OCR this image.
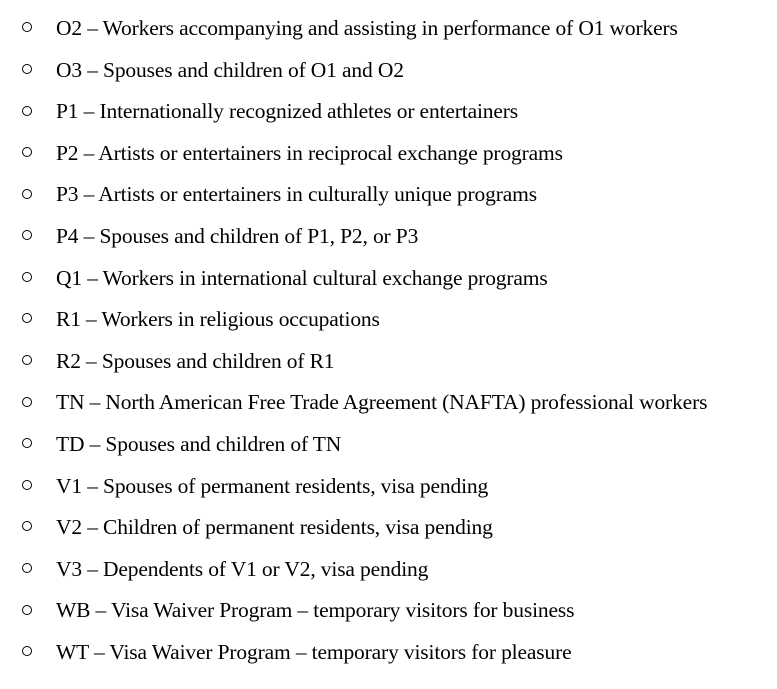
O2 – Workers accompanying and assisting in performance of O1 workers
O3 – Spouses and children of O1 and O2
P1 – Internationally recognized athletes or entertainers
P2 – Artists or entertainers in reciprocal exchange programs
P3 – Artists or entertainers in culturally unique programs
P4 – Spouses and children of P1, P2, or P3
Q1 – Workers in international cultural exchange programs
R1 – Workers in religious occupations
R2 – Spouses and children of R1
TN – North American Free Trade Agreement (NAFTA) professional workers
TD – Spouses and children of TN
V1 – Spouses of permanent residents, visa pending
V2 – Children of permanent residents, visa pending
V3 – Dependents of V1 or V2, visa pending
WB – Visa Waiver Program – temporary visitors for business
WT – Visa Waiver Program – temporary visitors for pleasure
